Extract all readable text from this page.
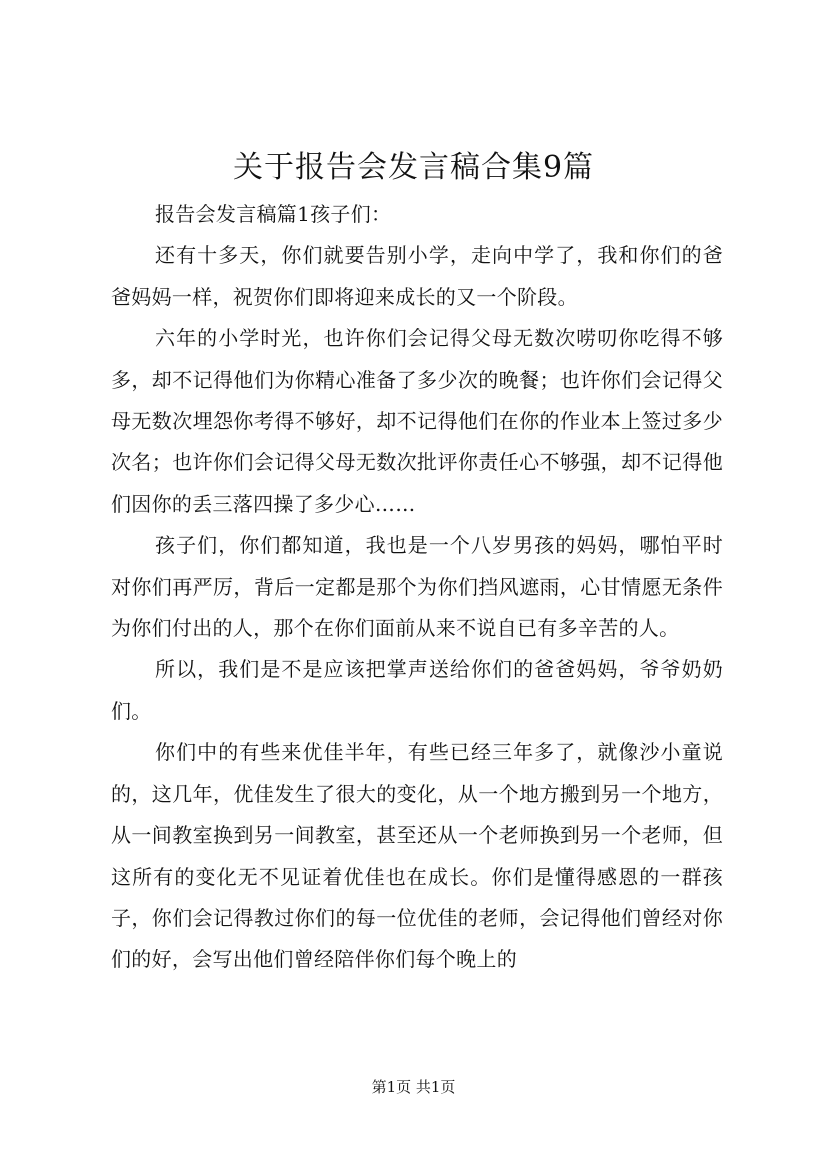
关于报告会发言稿合集9篇

报告会发言稿篇1孩子们：

还有十多天，你们就要告别小学，走向中学了，我和你们的爸爸妈妈一样，祝贺你们即将迎来成长的又一个阶段。

六年的小学时光，也许你们会记得父母无数次唠叨你吃得不够多，却不记得他们为你精心准备了多少次的晚餐；也许你们会记得父母无数次埋怨你考得不够好，却不记得他们在你的作业本上签过多少次名；也许你们会记得父母无数次批评你责任心不够强，却不记得他们因你的丢三落四操了多少心……

孩子们，你们都知道，我也是一个八岁男孩的妈妈，哪怕平时对你们再严厉，背后一定都是那个为你们挡风遮雨，心甘情愿无条件为你们付出的人，那个在你们面前从来不说自已有多辛苦的人。

所以，我们是不是应该把掌声送给你们的爸爸妈妈，爷爷奶奶们。

你们中的有些来优佳半年，有些已经三年多了，就像沙小童说的，这几年，优佳发生了很大的变化，从一个地方搬到另一个地方，从一间教室换到另一间教室，甚至还从一个老师换到另一个老师，但这所有的变化无不见证着优佳也在成长。你们是懂得感恩的一群孩子，你们会记得教过你们的每一位优佳的老师，会记得他们曾经对你们的好，会写出他们曾经陪伴你们每个晚上的

第1页 共1页
